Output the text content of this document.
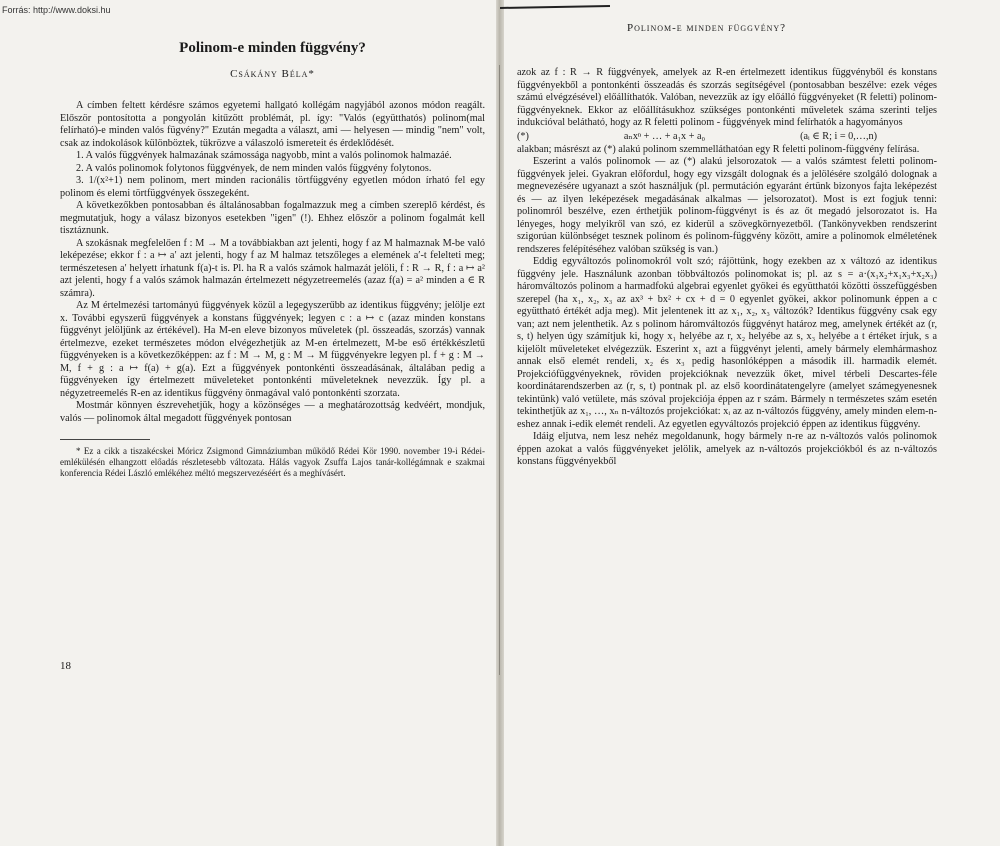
Forrás: http://www.doksi.hu
Polinom-e minden függvény?
Csákány Béla*

A címben feltett kérdésre számos egyetemi hallgató kollégám nagyjából azonos módon reagált. Először pontosította a pongyolán kitűzött problémát, pl. így: "Valós (együtthatós) polinom(mal felírható)-e minden valós fügvény?" Ezután megadta a választ, ami — helyesen — mindig "nem" volt, csak az indokolások különböztek, tükrözve a válaszoló ismereteit és érdeklődését.

1. A valós függvények halmazának számossága nagyobb, mint a valós polinomok halmazáé.

2. A valós polinomok folytonos függvények, de nem minden valós függvény folytonos.

3. 1/(x²+1) nem polinom, mert minden racionális törtfüggvény egyetlen módon írható fel egy polinom és elemi törtfüggvények összegeként.

A következőkben pontosabban és általánosabban fogalmazzuk meg a címben szereplő kérdést, és megmutatjuk, hogy a válasz bizonyos esetekben "igen" (!). Ehhez először a polinom fogalmát kell tisztáznunk.

A szokásnak megfelelően f : M → M a továbbiakban azt jelenti, hogy f az M halmaznak M-be való leképezése; ekkor f : a ↦ a′ azt jelenti, hogy f az M halmaz tetszőleges a elemének a′-t felelteti meg; természetesen a′ helyett írhatunk f(a)-t is. Pl. ha R a valós számok halmazát jelöli, f : R → R, f : a ↦ a² azt jelenti, hogy f a valós számok halmazán értelmezett négyzetreemelés (azaz f(a) = a² minden a ∈ R számra).

Az M értelmezési tartományú függvények közül a legegyszerűbb az identikus függvény; jelölje ezt x. További egyszerű függvények a konstans függvények; legyen c : a ↦ c (azaz minden konstans függvényt jelöljünk az értékével). Ha M-en eleve bizonyos műveletek (pl. összeadás, szorzás) vannak értelmezve, ezeket természetes módon elvégezhetjük az M-en értelmezett, M-be eső értékkészletű függvényeken is a következőképpen: az f : M → M, g : M → M függvényekre legyen pl. f + g : M → M, f + g : a ↦ f(a) + g(a). Ezt a függvények pontonkénti összeadásának, általában pedig a függvényeken így értelmezett műveleteket pontonkénti műveleteknek nevezzük. Így pl. a négyzetreemelés R-en az identikus függvény önmagával való pontonkénti szorzata.

Mostmár könnyen észrevehetjük, hogy a közönséges — a meghatározottság kedvéért, mondjuk, valós — polinomok által megadott függvények pontosan

* Ez a cikk a tiszakécskei Móricz Zsigmond Gimnáziumban működő Rédei Kör 1990. november 19-i Rédei-emlékülésén elhangzott előadás részletesebb változata. Hálás vagyok Zsuffa Lajos tanár-kollégámnak e szakmai konferencia Rédei László emlékéhez méltó megszervezéséért és a meghívásért.

18
Polinom-e minden függvény?

azok az f : R → R függvények, amelyek az R-en értelmezett identikus függvényből és konstans függvényekből a pontonkénti összeadás és szorzás segítségével (pontosabban beszélve: ezek véges számú elvégzésével) előállíthatók. Valóban, nevezzük az így előálló függvényeket (R feletti) polinom-függvényeknek. Ekkor az előállításukhoz szükséges pontonkénti műveletek száma szerinti teljes indukcióval belátható, hogy az R feletti polinom - függvények mind felírhatók a hagyományos

(*)	aₙxⁿ + … + a₁x + a₀	(aᵢ ∈ R; i = 0,…,n)

alakban; másrészt az (*) alakú polinom szemmelláthatóan egy R feletti polinom-függvény felírása.

Eszerint a valós polinomok — az (*) alakú jelsorozatok — a valós számtest feletti polinom-függvények jelei. Gyakran előfordul, hogy egy vizsgált dolognak és a jelölésére szolgáló dolognak a megnevezésére ugyanazt a szót használjuk (pl. permutáción egyaránt értünk bizonyos fajta leképezést és — az ilyen leképezések megadásának alkalmas — jelsorozatot). Most is ezt fogjuk tenni: polinomról beszélve, ezen érthetjük polinom-függvényt is és az őt megadó jelsorozatot is. Ha lényeges, hogy melyikről van szó, ez kiderül a szövegkörnyezetből. (Tankönyvekben rendszerint szigorúan különbséget tesznek polinom és polinom-függvény között, amire a polinomok elméletének rendszeres felépítéséhez valóban szükség is van.)

Eddig egyváltozós polinomokról volt szó; rájöttünk, hogy ezekben az x változó az identikus függvény jele. Használunk azonban többváltozós polinomokat is; pl. az s = a·(x₁x₂+x₁x₃+x₂x₃) háromváltozós polinom a harmadfokú algebrai egyenlet gyökei és együtthatói közötti összefüggésben szerepel (ha x₁, x₂, x₃ az ax³ + bx² + cx + d = 0 egyenlet gyökei, akkor polinomunk éppen a c együttható értékét adja meg). Mit jelentenek itt az x₁, x₂, x₃ változók? Identikus függvény csak egy van; azt nem jelenthetik. Az s polinom háromváltozós függvényt határoz meg, amelynek értékét az (r, s, t) helyen úgy számítjuk ki, hogy x₁ helyébe az r, x₂ helyébe az s, x₃ helyébe a t értéket írjuk, s a kijelölt műveleteket elvégezzük. Eszerint x₁ azt a függvényt jelenti, amely bármely elemhármashoz annak első elemét rendeli, x₂ és x₃ pedig hasonlóképpen a második ill. harmadik elemét. Projekciófüggvényeknek, röviden projekcióknak nevezzük őket, mivel térbeli Descartes-féle koordinátarendszerben az (r, s, t) pontnak pl. az első koordinátatengelyre (amelyet számegyenesnek tekintünk) való vetülete, más szóval projekciója éppen az r szám. Bármely n természetes szám esetén tekinthetjük az x₁, …, xₙ n-változós projekciókat: xᵢ az az n-változós függvény, amely minden elem-n-eshez annak i-edik elemét rendeli. Az egyetlen egyváltozós projekció éppen az identikus függvény.

Idáig eljutva, nem lesz nehéz megoldanunk, hogy bármely n-re az n-változós valós polinomok éppen azokat a valós függvényeket jelölik, amelyek az n-változós projekciókból és az n-változós konstans függvényekből
